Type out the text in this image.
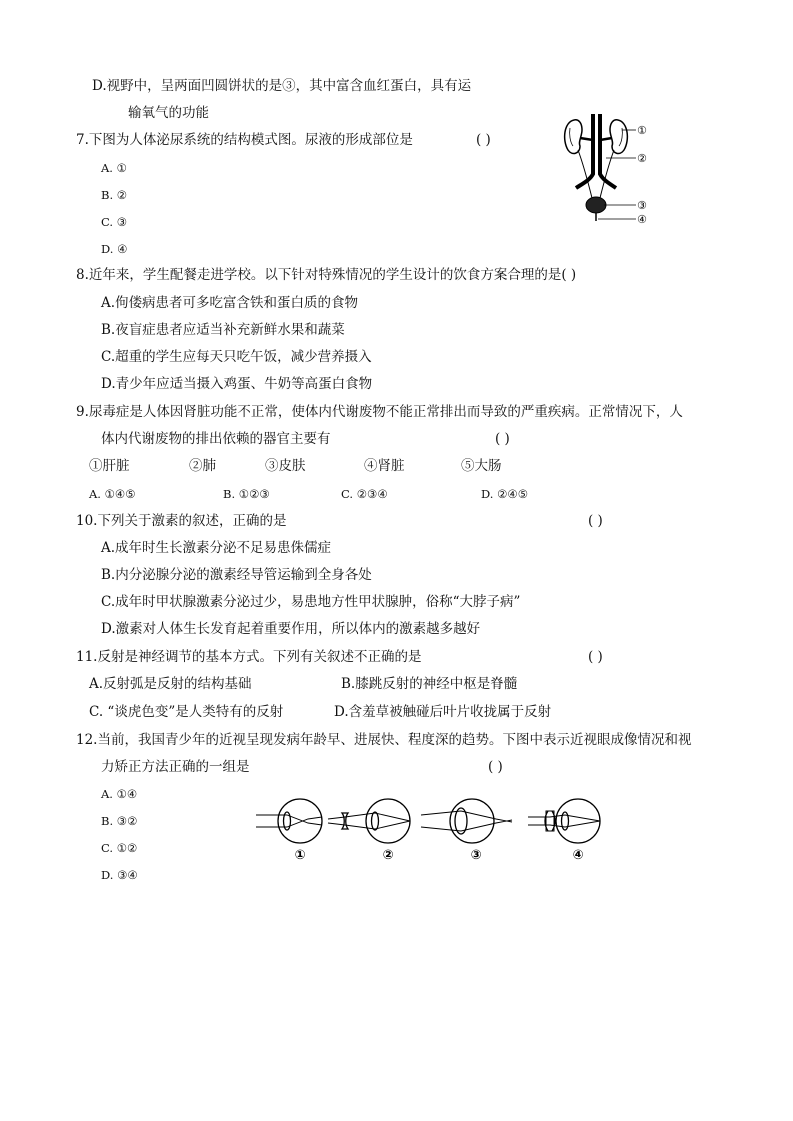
D.视野中，呈两面凹圆饼状的是③，其中富含血红蛋白，具有运
输氧气的功能
7.下图为人体泌尿系统的结构模式图。尿液的形成部位是	( )
A. ①
B. ②
C. ③
D. ④
①
②
③
④
8.近年来，学生配餐走进学校。以下针对特殊情况的学生设计的饮食方案合理的是( )
A.佝偻病患者可多吃富含铁和蛋白质的食物
B.夜盲症患者应适当补充新鲜水果和蔬菜
C.超重的学生应每天只吃午饭，减少营养摄入
D.青少年应适当摄入鸡蛋、牛奶等高蛋白食物
9.尿毒症是人体因肾脏功能不正常，使体内代谢废物不能正常排出而导致的严重疾病。正常情况下，人
体内代谢废物的排出依赖的器官主要有	( )
①肝脏	②肺	③皮肤	④肾脏	⑤大肠
A. ①④⑤	B. ①②③	C. ②③④	D. ②④⑤
10.下列关于激素的叙述，正确的是	( )
A.成年时生长激素分泌不足易患侏儒症
B.内分泌腺分泌的激素经导管运输到全身各处
C.成年时甲状腺激素分泌过少，易患地方性甲状腺肿，俗称“大脖子病”
D.激素对人体生长发育起着重要作用，所以体内的激素越多越好
11.反射是神经调节的基本方式。下列有关叙述不正确的是	( )
A.反射弧是反射的结构基础	B.膝跳反射的神经中枢是脊髓
C. “谈虎色变”是人类特有的反射	D.含羞草被触碰后叶片收拢属于反射
12.当前，我国青少年的近视呈现发病年龄早、进展快、程度深的趋势。下图中表示近视眼成像情况和视
力矫正方法正确的一组是	( )
A. ①④
B. ③②
C. ①②
D. ③④
①	②	③	④
